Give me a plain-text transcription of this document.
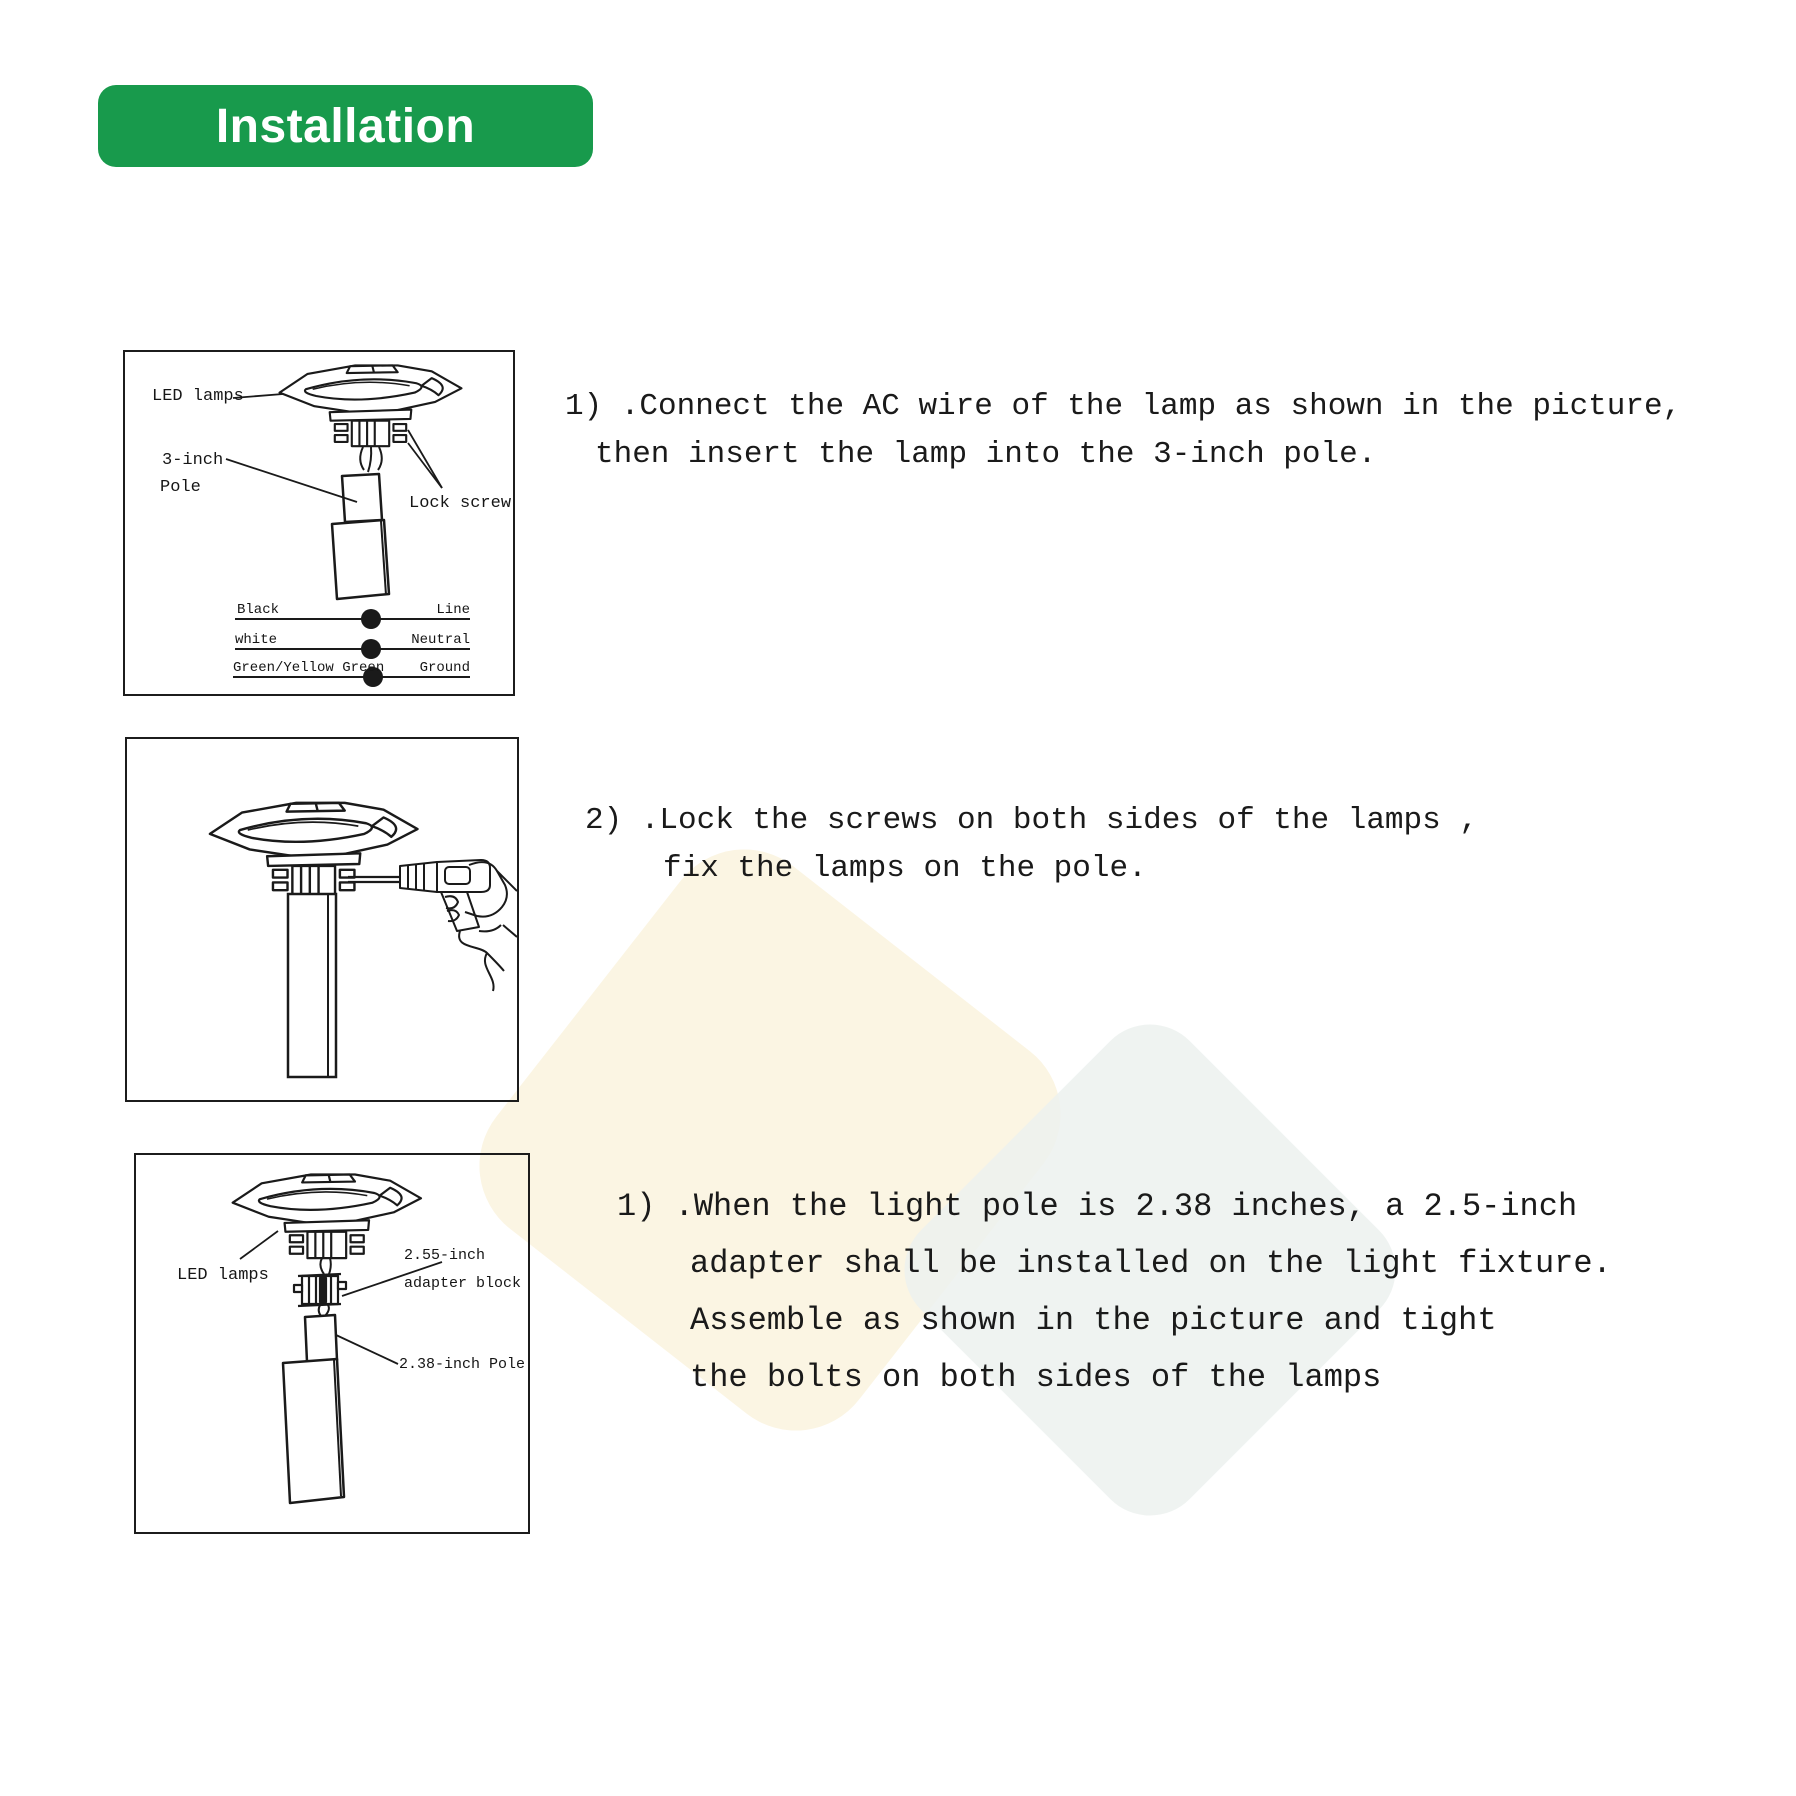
Installation
LED lamps
3-inch
Pole
Lock screw
Black	Line
white	Neutral
Green/Yellow Green	Ground
LED lamps
2.55-inch
adapter block
2.38-inch Pole
1) .Connect the AC wire of the lamp as shown in the picture,
then insert the lamp into the 3-inch pole.
2) .Lock the screws on both sides of the lamps ,
fix the lamps on the pole.
1) .When the light pole is 2.38 inches, a 2.5-inch
adapter shall be installed on the light fixture.
Assemble as shown in the picture and tight
the bolts on both sides of the lamps
